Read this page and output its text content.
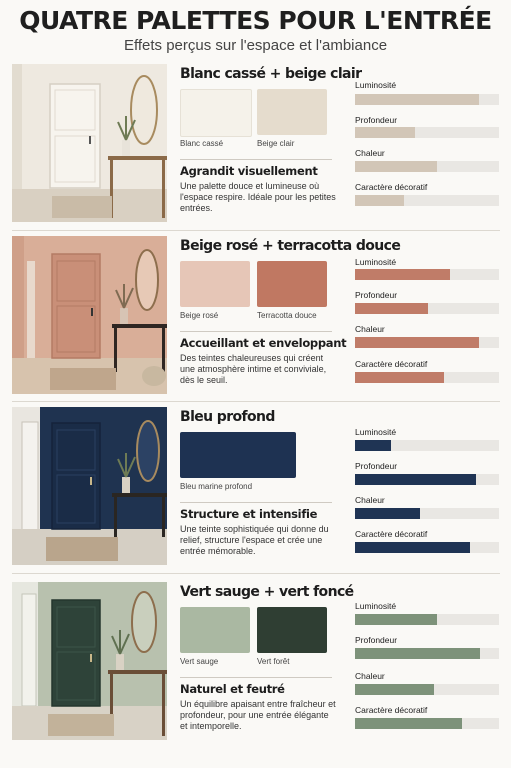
QUATRE PALETTES POUR L'ENTRÉE
Effets perçus sur l'espace et l'ambiance
Blanc cassé + beige clair
Blanc cassé	Beige clair
Agrandit visuellement
Une palette douce et lumineuse où l'espace respire. Idéale pour les petites entrées.
Luminosité
Profondeur
Chaleur
Caractère décoratif
Beige rosé + terracotta douce
Beige rosé	Terracotta douce
Accueillant et enveloppant
Des teintes chaleureuses qui créent une atmosphère intime et conviviale, dès le seuil.
Luminosité
Profondeur
Chaleur
Caractère décoratif
Bleu profond
Bleu marine profond
Structure et intensifie
Une teinte sophistiquée qui donne du relief, structure l'espace et crée une entrée mémorable.
Luminosité
Profondeur
Chaleur
Caractère décoratif
Vert sauge + vert foncé
Vert sauge	Vert forêt
Naturel et feutré
Un équilibre apaisant entre fraîcheur et profondeur, pour une entrée élégante et intemporelle.
Luminosité
Profondeur
Chaleur
Caractère décoratif
